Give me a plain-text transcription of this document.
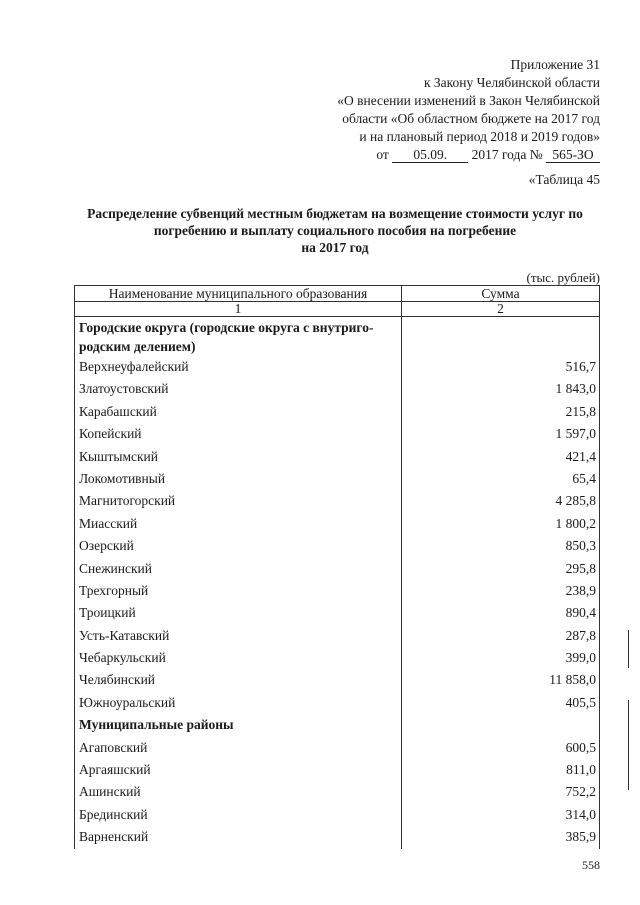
Приложение 31
к Закону Челябинской области
«О внесении изменений в Закон Челябинской
области «Об областном бюджете на 2017 год
и на плановый период 2018 и 2019 годов»
от 05.09. 2017 года № 565-ЗО
«Таблица 45
Распределение субвенций местным бюджетам на возмещение стоимости услуг по
погребению и выплату социального пособия на погребение
на 2017 год
(тыс. рублей)
Наименование муниципального образования	Сумма
1	2
Городские округа (городские округа с внутриго-родским делением)	
Верхнеуфалейский	516,7
Златоустовский	1 843,0
Карабашский	215,8
Копейский	1 597,0
Кыштымский	421,4
Локомотивный	65,4
Магнитогорский	4 285,8
Миасский	1 800,2
Озерский	850,3
Снежинский	295,8
Трехгорный	238,9
Троицкий	890,4
Усть-Катавский	287,8
Чебаркульский	399,0
Челябинский	11 858,0
Южноуральский	405,5
Муниципальные районы	
Агаповский	600,5
Аргаяшский	811,0
Ашинский	752,2
Брединский	314,0
Варненский	385,9
558
